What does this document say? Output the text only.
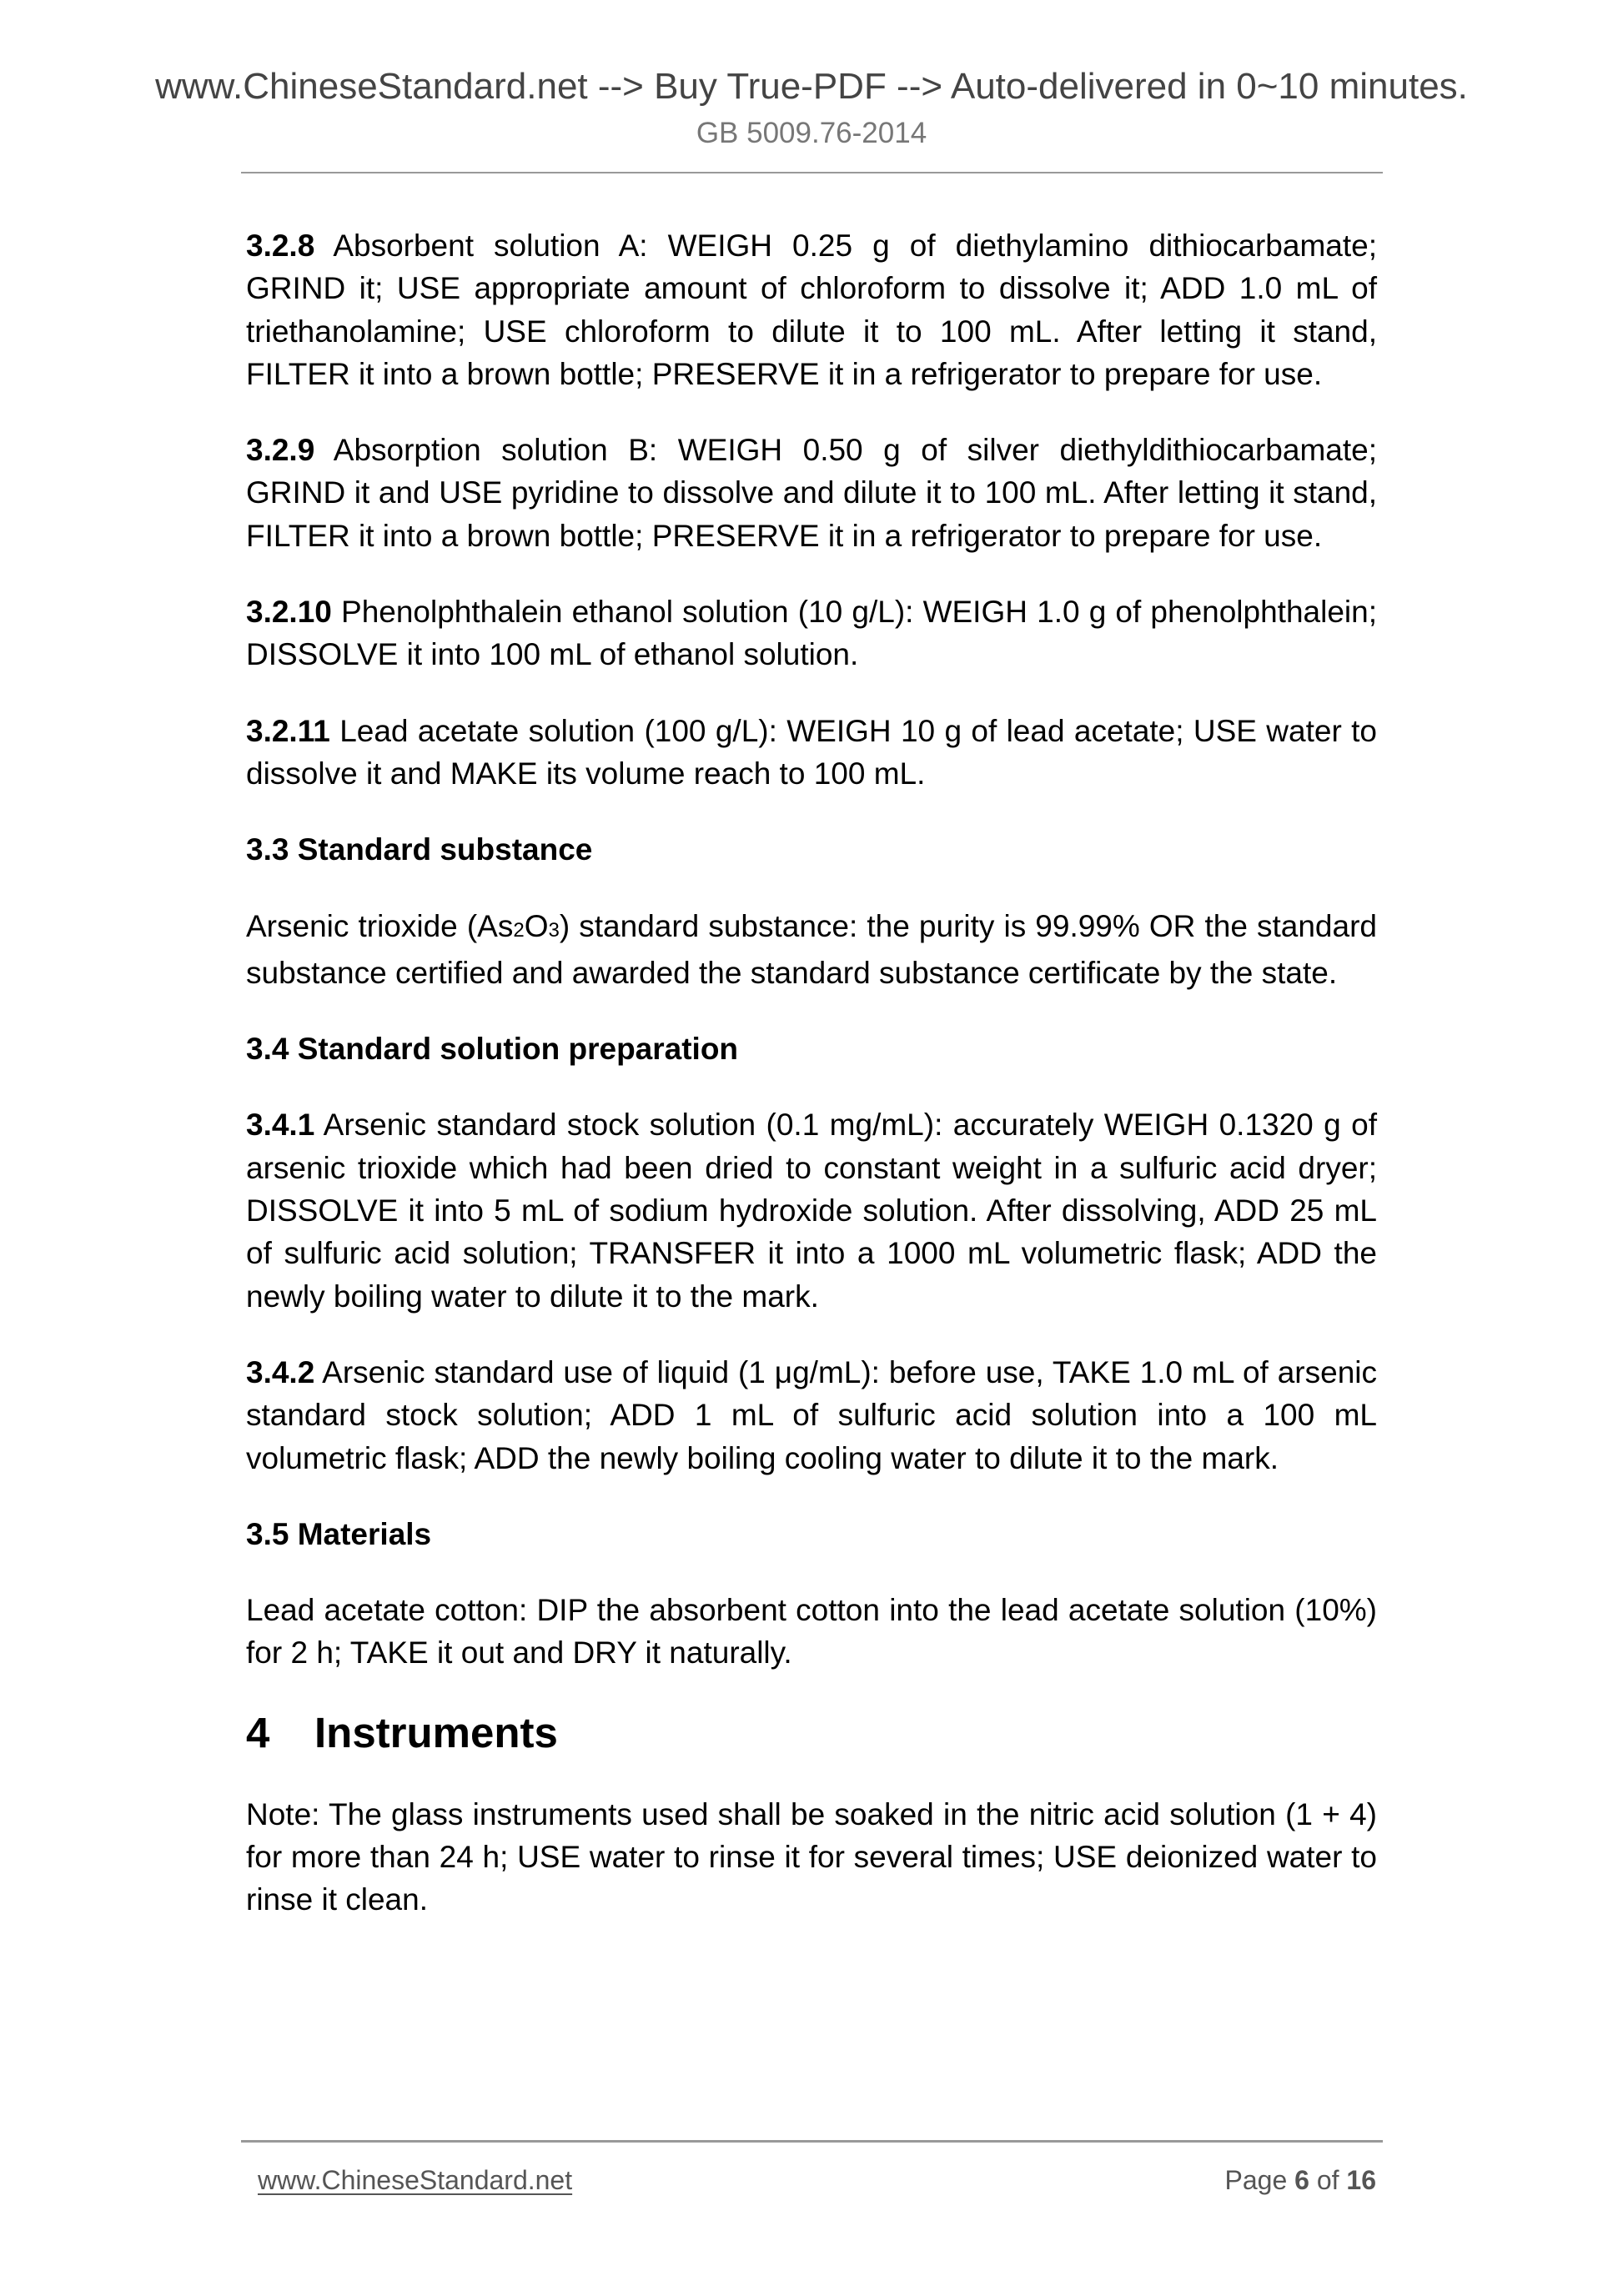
www.ChineseStandard.net --> Buy True-PDF --> Auto-delivered in 0~10 minutes.
GB 5009.76-2014

3.2.8 Absorbent solution A: WEIGH 0.25 g of diethylamino dithiocarbamate; GRIND it; USE appropriate amount of chloroform to dissolve it; ADD 1.0 mL of triethanolamine; USE chloroform to dilute it to 100 mL. After letting it stand, FILTER it into a brown bottle; PRESERVE it in a refrigerator to prepare for use.

3.2.9 Absorption solution B: WEIGH 0.50 g of silver diethyldithiocarbamate; GRIND it and USE pyridine to dissolve and dilute it to 100 mL. After letting it stand, FILTER it into a brown bottle; PRESERVE it in a refrigerator to prepare for use.

3.2.10 Phenolphthalein ethanol solution (10 g/L): WEIGH 1.0 g of phenolphthalein; DISSOLVE it into 100 mL of ethanol solution.

3.2.11 Lead acetate solution (100 g/L): WEIGH 10 g of lead acetate; USE water to dissolve it and MAKE its volume reach to 100 mL.

3.3 Standard substance

Arsenic trioxide (As2O3) standard substance: the purity is 99.99% OR the standard substance certified and awarded the standard substance certificate by the state.

3.4 Standard solution preparation

3.4.1 Arsenic standard stock solution (0.1 mg/mL): accurately WEIGH 0.1320 g of arsenic trioxide which had been dried to constant weight in a sulfuric acid dryer; DISSOLVE it into 5 mL of sodium hydroxide solution. After dissolving, ADD 25 mL of sulfuric acid solution; TRANSFER it into a 1000 mL volumetric flask; ADD the newly boiling water to dilute it to the mark.

3.4.2 Arsenic standard use of liquid (1 μg/mL): before use, TAKE 1.0 mL of arsenic standard stock solution; ADD 1 mL of sulfuric acid solution into a 100 mL volumetric flask; ADD the newly boiling cooling water to dilute it to the mark.

3.5 Materials

Lead acetate cotton: DIP the absorbent cotton into the lead acetate solution (10%) for 2 h; TAKE it out and DRY it naturally.

4 Instruments

Note: The glass instruments used shall be soaked in the nitric acid solution (1 + 4) for more than 24 h; USE water to rinse it for several times; USE deionized water to rinse it clean.

www.ChineseStandard.net	Page 6 of 16
